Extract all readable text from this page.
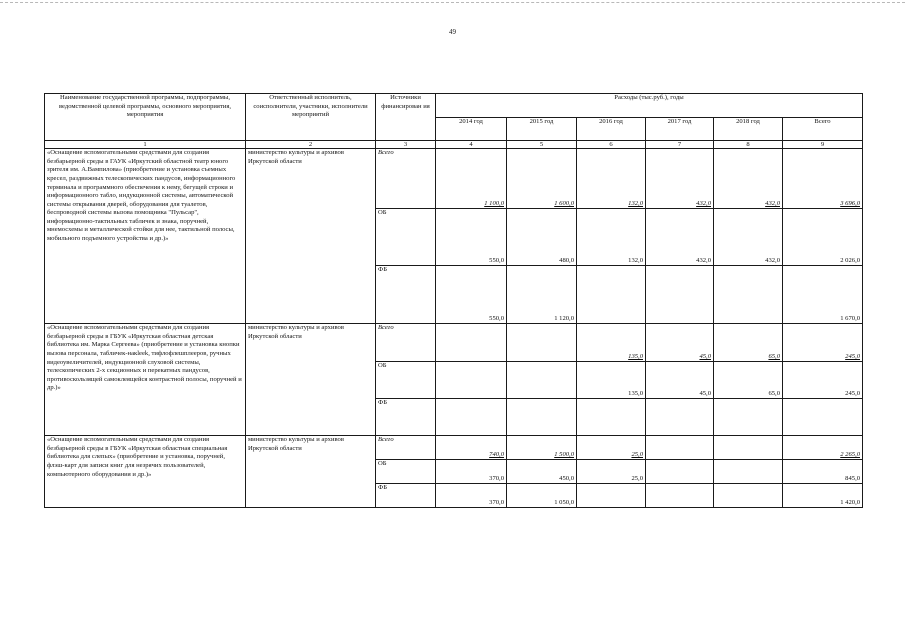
49
Наименование государственной программы, подпрограммы, ведомственной целевой программы, основного мероприятия, мероприятия	Ответственный исполнитель, соисполнители, участники, исполнители мероприятий	Источники финансирован ия	Расходы (тыс.руб.), годы					
			2014 год	2015 год	2016 год	2017 год	2018 год	Всего
1	2	3	4	5	6	7	8	9
«Оснащение вспомогательными средствами для создания безбарьерной среды в ГАУК «Иркутский областной театр юного зрителя им. А.Вампилова» (приобретение и установка съемных кресел, раздвижных телескопических пандусов, информационного терминала и программного обеспечения к нему, бегущей строки и информационного табло, индукционной системы, автоматической системы открывания дверей, оборудования для туалетов, беспроводной системы вызова помощника "Пульсар", информационно-тактильных табличек и знака, поручней, мнемосхемы и металлической стойки для нее, тактильной полосы, мобильного подъемного устройства и др.)»	министерство культуры и архивов Иркутской области	Всего	1 100,0	1 600,0	132,0	432,0	432,0	3 696,0
		ОБ	550,0	480,0	132,0	432,0	432,0	2 026,0
		ФБ	550,0	1 120,0				1 670,0
«Оснащение вспомогательными средствами для создания безбарьерной среды в ГБУК «Иркутская областная детская библиотека им. Марка Сергеева» (приобретение и установка кнопки вызова персонала, табличек-накleek, тифлофлешплееров, ручных видеоувеличителей, индукционной слуховой системы, телескопических 2-х секционных и перекатных пандусов, противоскользящей самоклеящейся контрастной полосы, поручней и др.)»	министерство культуры и архивов Иркутской области	Всего			135,0	45,0	65,0	245,0
		ОБ			135,0	45,0	65,0	245,0
		ФБ						
«Оснащение вспомогательными средствами для создания безбарьерной среды в ГБУК «Иркутская областная специальная библиотека для слепых» (приобретение и установка, поручней, флэш-карт для записи книг для незрячих пользователей, компьютерного оборудования и др.)»	министерство культуры и архивов Иркутской области	Всего	740,0	1 500,0	25,0			2 265,0
		ОБ	370,0	450,0	25,0			845,0
		ФБ	370,0	1 050,0				1 420,0
